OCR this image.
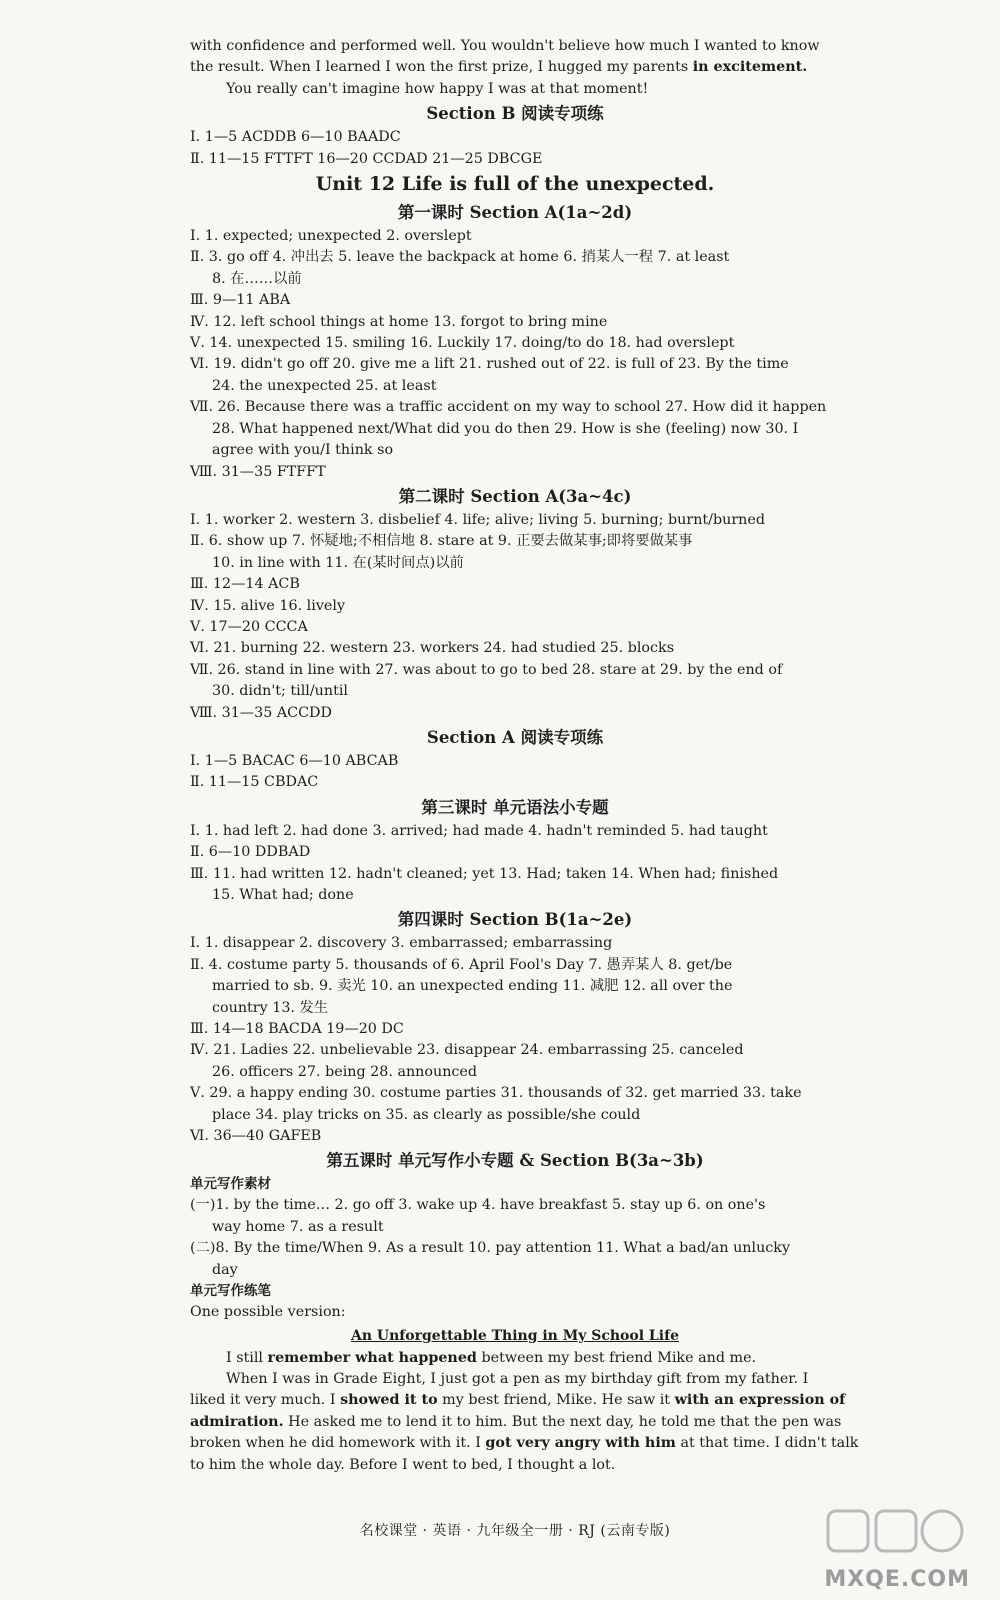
with confidence and performed well. You wouldn't believe how much I wanted to know
the result. When I learned I won the first prize, I hugged my parents in excitement.
You really can't imagine how happy I was at that moment!
Section B 阅读专项练
Ⅰ. 1—5 ACDDB 6—10 BAADC
Ⅱ. 11—15 FTTFT 16—20 CCDAD 21—25 DBCGE
Unit 12 Life is full of the unexpected.
第一课时 Section A(1a~2d)
Ⅰ. 1. expected; unexpected 2. overslept
Ⅱ. 3. go off 4. 冲出去 5. leave the backpack at home 6. 捎某人一程 7. at least
8. 在……以前
Ⅲ. 9—11 ABA
Ⅳ. 12. left school things at home 13. forgot to bring mine
Ⅴ. 14. unexpected 15. smiling 16. Luckily 17. doing/to do 18. had overslept
Ⅵ. 19. didn't go off 20. give me a lift 21. rushed out of 22. is full of 23. By the time
24. the unexpected 25. at least
Ⅶ. 26. Because there was a traffic accident on my way to school 27. How did it happen
28. What happened next/What did you do then 29. How is she (feeling) now 30. I
agree with you/I think so
Ⅷ. 31—35 FTFFT
第二课时 Section A(3a~4c)
Ⅰ. 1. worker 2. western 3. disbelief 4. life; alive; living 5. burning; burnt/burned
Ⅱ. 6. show up 7. 怀疑地;不相信地 8. stare at 9. 正要去做某事;即将要做某事
10. in line with 11. 在(某时间点)以前
Ⅲ. 12—14 ACB
Ⅳ. 15. alive 16. lively
Ⅴ. 17—20 CCCA
Ⅵ. 21. burning 22. western 23. workers 24. had studied 25. blocks
Ⅶ. 26. stand in line with 27. was about to go to bed 28. stare at 29. by the end of
30. didn't; till/until
Ⅷ. 31—35 ACCDD
Section A 阅读专项练
Ⅰ. 1—5 BACAC 6—10 ABCAB
Ⅱ. 11—15 CBDAC
第三课时 单元语法小专题
Ⅰ. 1. had left 2. had done 3. arrived; had made 4. hadn't reminded 5. had taught
Ⅱ. 6—10 DDBAD
Ⅲ. 11. had written 12. hadn't cleaned; yet 13. Had; taken 14. When had; finished
15. What had; done
第四课时 Section B(1a~2e)
Ⅰ. 1. disappear 2. discovery 3. embarrassed; embarrassing
Ⅱ. 4. costume party 5. thousands of 6. April Fool's Day 7. 愚弄某人 8. get/be
married to sb. 9. 卖光 10. an unexpected ending 11. 减肥 12. all over the
country 13. 发生
Ⅲ. 14—18 BACDA 19—20 DC
Ⅳ. 21. Ladies 22. unbelievable 23. disappear 24. embarrassing 25. canceled
26. officers 27. being 28. announced
Ⅴ. 29. a happy ending 30. costume parties 31. thousands of 32. get married 33. take
place 34. play tricks on 35. as clearly as possible/she could
Ⅵ. 36—40 GAFEB
第五课时 单元写作小专题 & Section B(3a~3b)
单元写作素材
(一)1. by the time… 2. go off 3. wake up 4. have breakfast 5. stay up 6. on one's
way home 7. as a result
(二)8. By the time/When 9. As a result 10. pay attention 11. What a bad/an unlucky
day
单元写作练笔
One possible version:
An Unforgettable Thing in My School Life
I still remember what happened between my best friend Mike and me.
When I was in Grade Eight, I just got a pen as my birthday gift from my father. I
liked it very much. I showed it to my best friend, Mike. He saw it with an expression of
admiration. He asked me to lend it to him. But the next day, he told me that the pen was
broken when he did homework with it. I got very angry with him at that time. I didn't talk
to him the whole day. Before I went to bed, I thought a lot.
名校课堂 · 英语 · 九年级全一册 · RJ (云南专版)
MXQE.COM
